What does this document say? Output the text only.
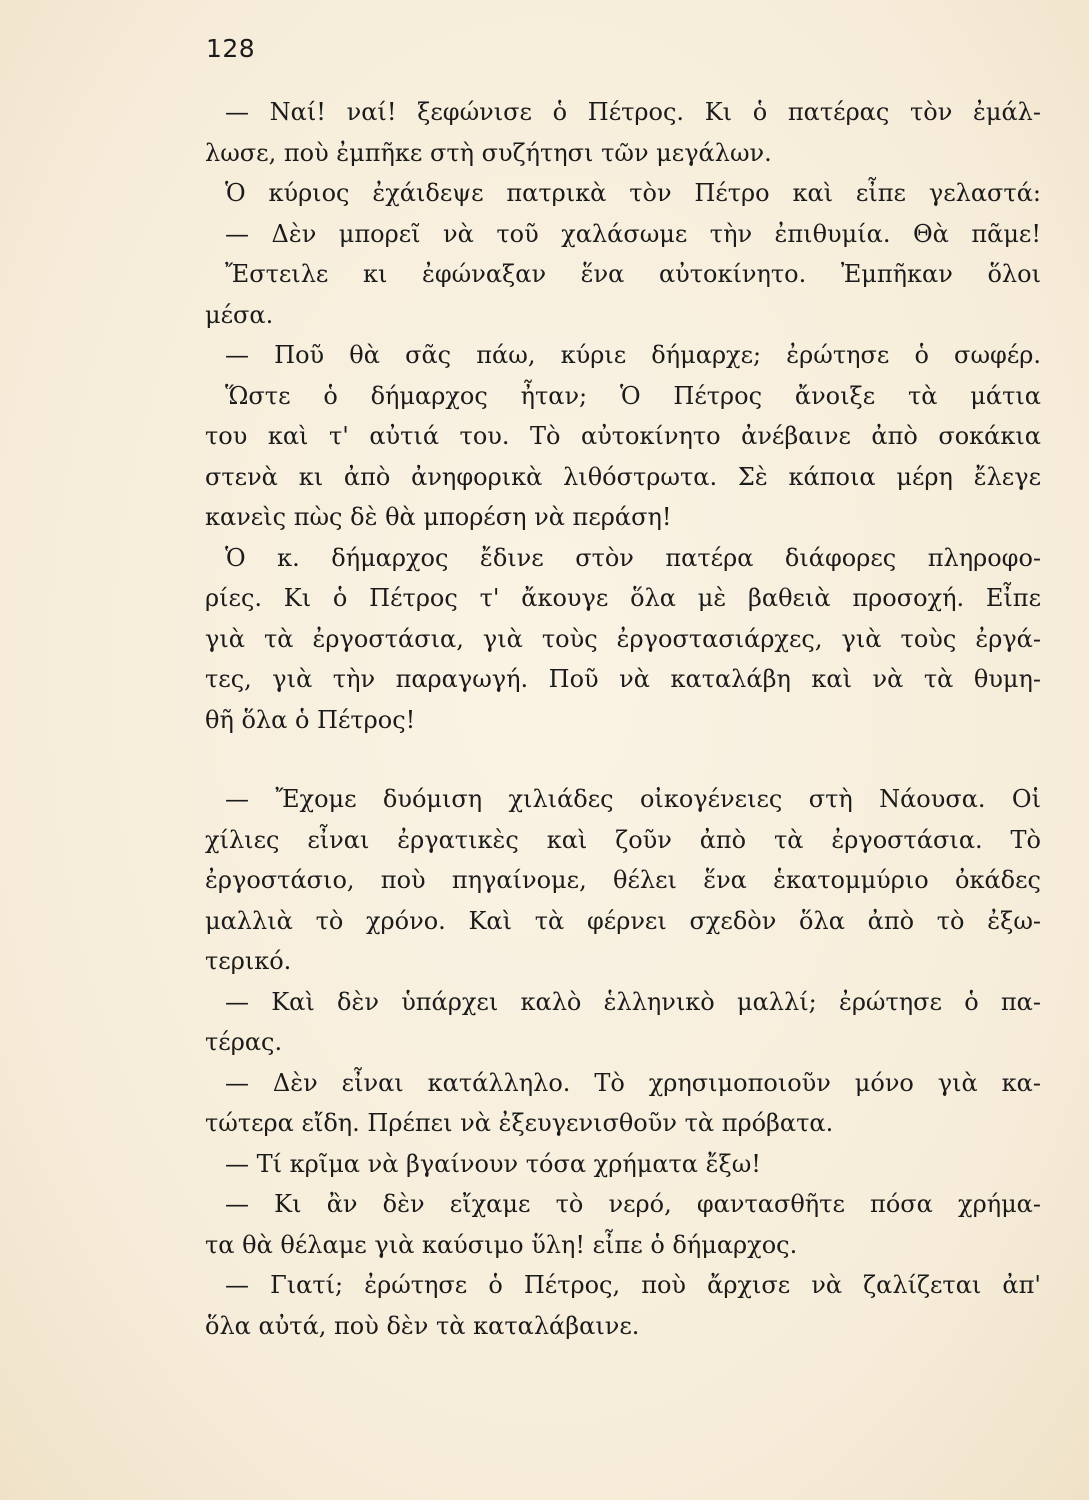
128
— Ναί! ναί! ξεφώνισε ὁ Πέτρος. Κι ὁ πατέρας τὸν ἐμάλ-
λωσε, ποὺ ἐμπῆκε στὴ συζήτησι τῶν μεγάλων.
Ὁ κύριος ἐχάιδεψε πατρικὰ τὸν Πέτρο καὶ εἶπε γελαστά:
— Δὲν μπορεῖ νὰ τοῦ χαλάσωμε τὴν ἐπιθυμία. Θὰ πᾶμε!
Ἔστειλε κι ἐφώναξαν ἕνα αὐτοκίνητο. Ἐμπῆκαν ὅλοι
μέσα.
— Ποῦ θὰ σᾶς πάω, κύριε δήμαρχε; ἐρώτησε ὁ σωφέρ.
Ὥστε ὁ δήμαρχος ἦταν; Ὁ Πέτρος ἄνοιξε τὰ μάτια
του καὶ τ' αὐτιά του. Τὸ αὐτοκίνητο ἀνέβαινε ἀπὸ σοκάκια
στενὰ κι ἀπὸ ἀνηφορικὰ λιθόστρωτα. Σὲ κάποια μέρη ἔλεγε
κανεὶς πὼς δὲ θὰ μπορέση νὰ περάση!
Ὁ κ. δήμαρχος ἔδινε στὸν πατέρα διάφορες πληροφο-
ρίες. Κι ὁ Πέτρος τ' ἄκουγε ὅλα μὲ βαθειὰ προσοχή. Εἶπε
γιὰ τὰ ἐργοστάσια, γιὰ τοὺς ἐργοστασιάρχες, γιὰ τοὺς ἐργά-
τες, γιὰ τὴν παραγωγή. Ποῦ νὰ καταλάβη καὶ νὰ τὰ θυμη-
θῆ ὅλα ὁ Πέτρος!
— Ἔχομε δυόμιση χιλιάδες οἰκογένειες στὴ Νάουσα. Οἱ
χίλιες εἶναι ἐργατικὲς καὶ ζοῦν ἀπὸ τὰ ἐργοστάσια. Τὸ
ἐργοστάσιο, ποὺ πηγαίνομε, θέλει ἕνα ἑκατομμύριο ὀκάδες
μαλλιὰ τὸ χρόνο. Καὶ τὰ φέρνει σχεδὸν ὅλα ἀπὸ τὸ ἐξω-
τερικό.
— Καὶ δὲν ὑπάρχει καλὸ ἑλληνικὸ μαλλί; ἐρώτησε ὁ πα-
τέρας.
— Δὲν εἶναι κατάλληλο. Τὸ χρησιμοποιοῦν μόνο γιὰ κα-
τώτερα εἴδη. Πρέπει νὰ ἐξευγενισθοῦν τὰ πρόβατα.
— Τί κρῖμα νὰ βγαίνουν τόσα χρήματα ἔξω!
— Κι ἂν δὲν εἴχαμε τὸ νερό, φαντασθῆτε πόσα χρήμα-
τα θὰ θέλαμε γιὰ καύσιμο ὕλη! εἶπε ὁ δήμαρχος.
— Γιατί; ἐρώτησε ὁ Πέτρος, ποὺ ἄρχισε νὰ ζαλίζεται ἀπ'
ὅλα αὐτά, ποὺ δὲν τὰ καταλάβαινε.
